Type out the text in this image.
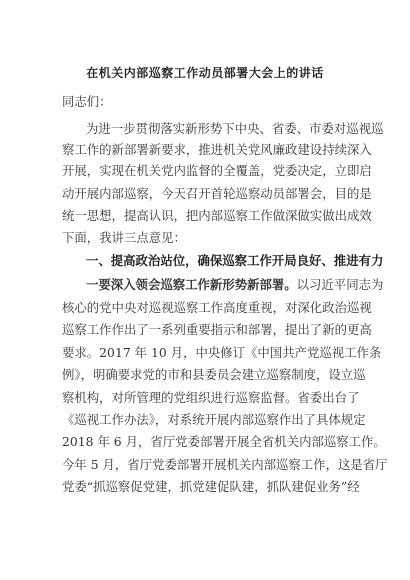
在机关内部巡察工作动员部署大会上的讲话
同志们：
为进一步贯彻落实新形势下中央、省委、市委对巡视巡
察工作的新部署新要求，推进机关党风廉政建设持续深入
开展，实现在机关党内监督的全覆盖，党委决定，立即启
动开展内部巡察，今天召开首轮巡察动员部署会，目的是
统一思想，提高认识，把内部巡察工作做深做实做出成效
下面，我讲三点意见：
一、提高政治站位，确保巡察工作开局良好、推进有力
一要深入领会巡察工作新形势新部署。以习近平同志为
核心的党中央对巡视巡察工作高度重视，对深化政治巡视
巡察工作作出了一系列重要指示和部署，提出了新的更高
要求。2017 年 10 月，中央修订《中国共产党巡视工作条
例》，明确要求党的市和县委员会建立巡察制度，设立巡
察机构，对所管理的党组织进行巡察监督。省委出台了
《巡视工作办法》，对系统开展内部巡察作出了具体规定
2018 年 6 月，省厅党委部署开展全省机关内部巡察工作。
今年 5 月，省厅党委部署开展机关内部巡察工作，这是省厅
党委“抓巡察促党建，抓党建促队建，抓队建促业务”经
